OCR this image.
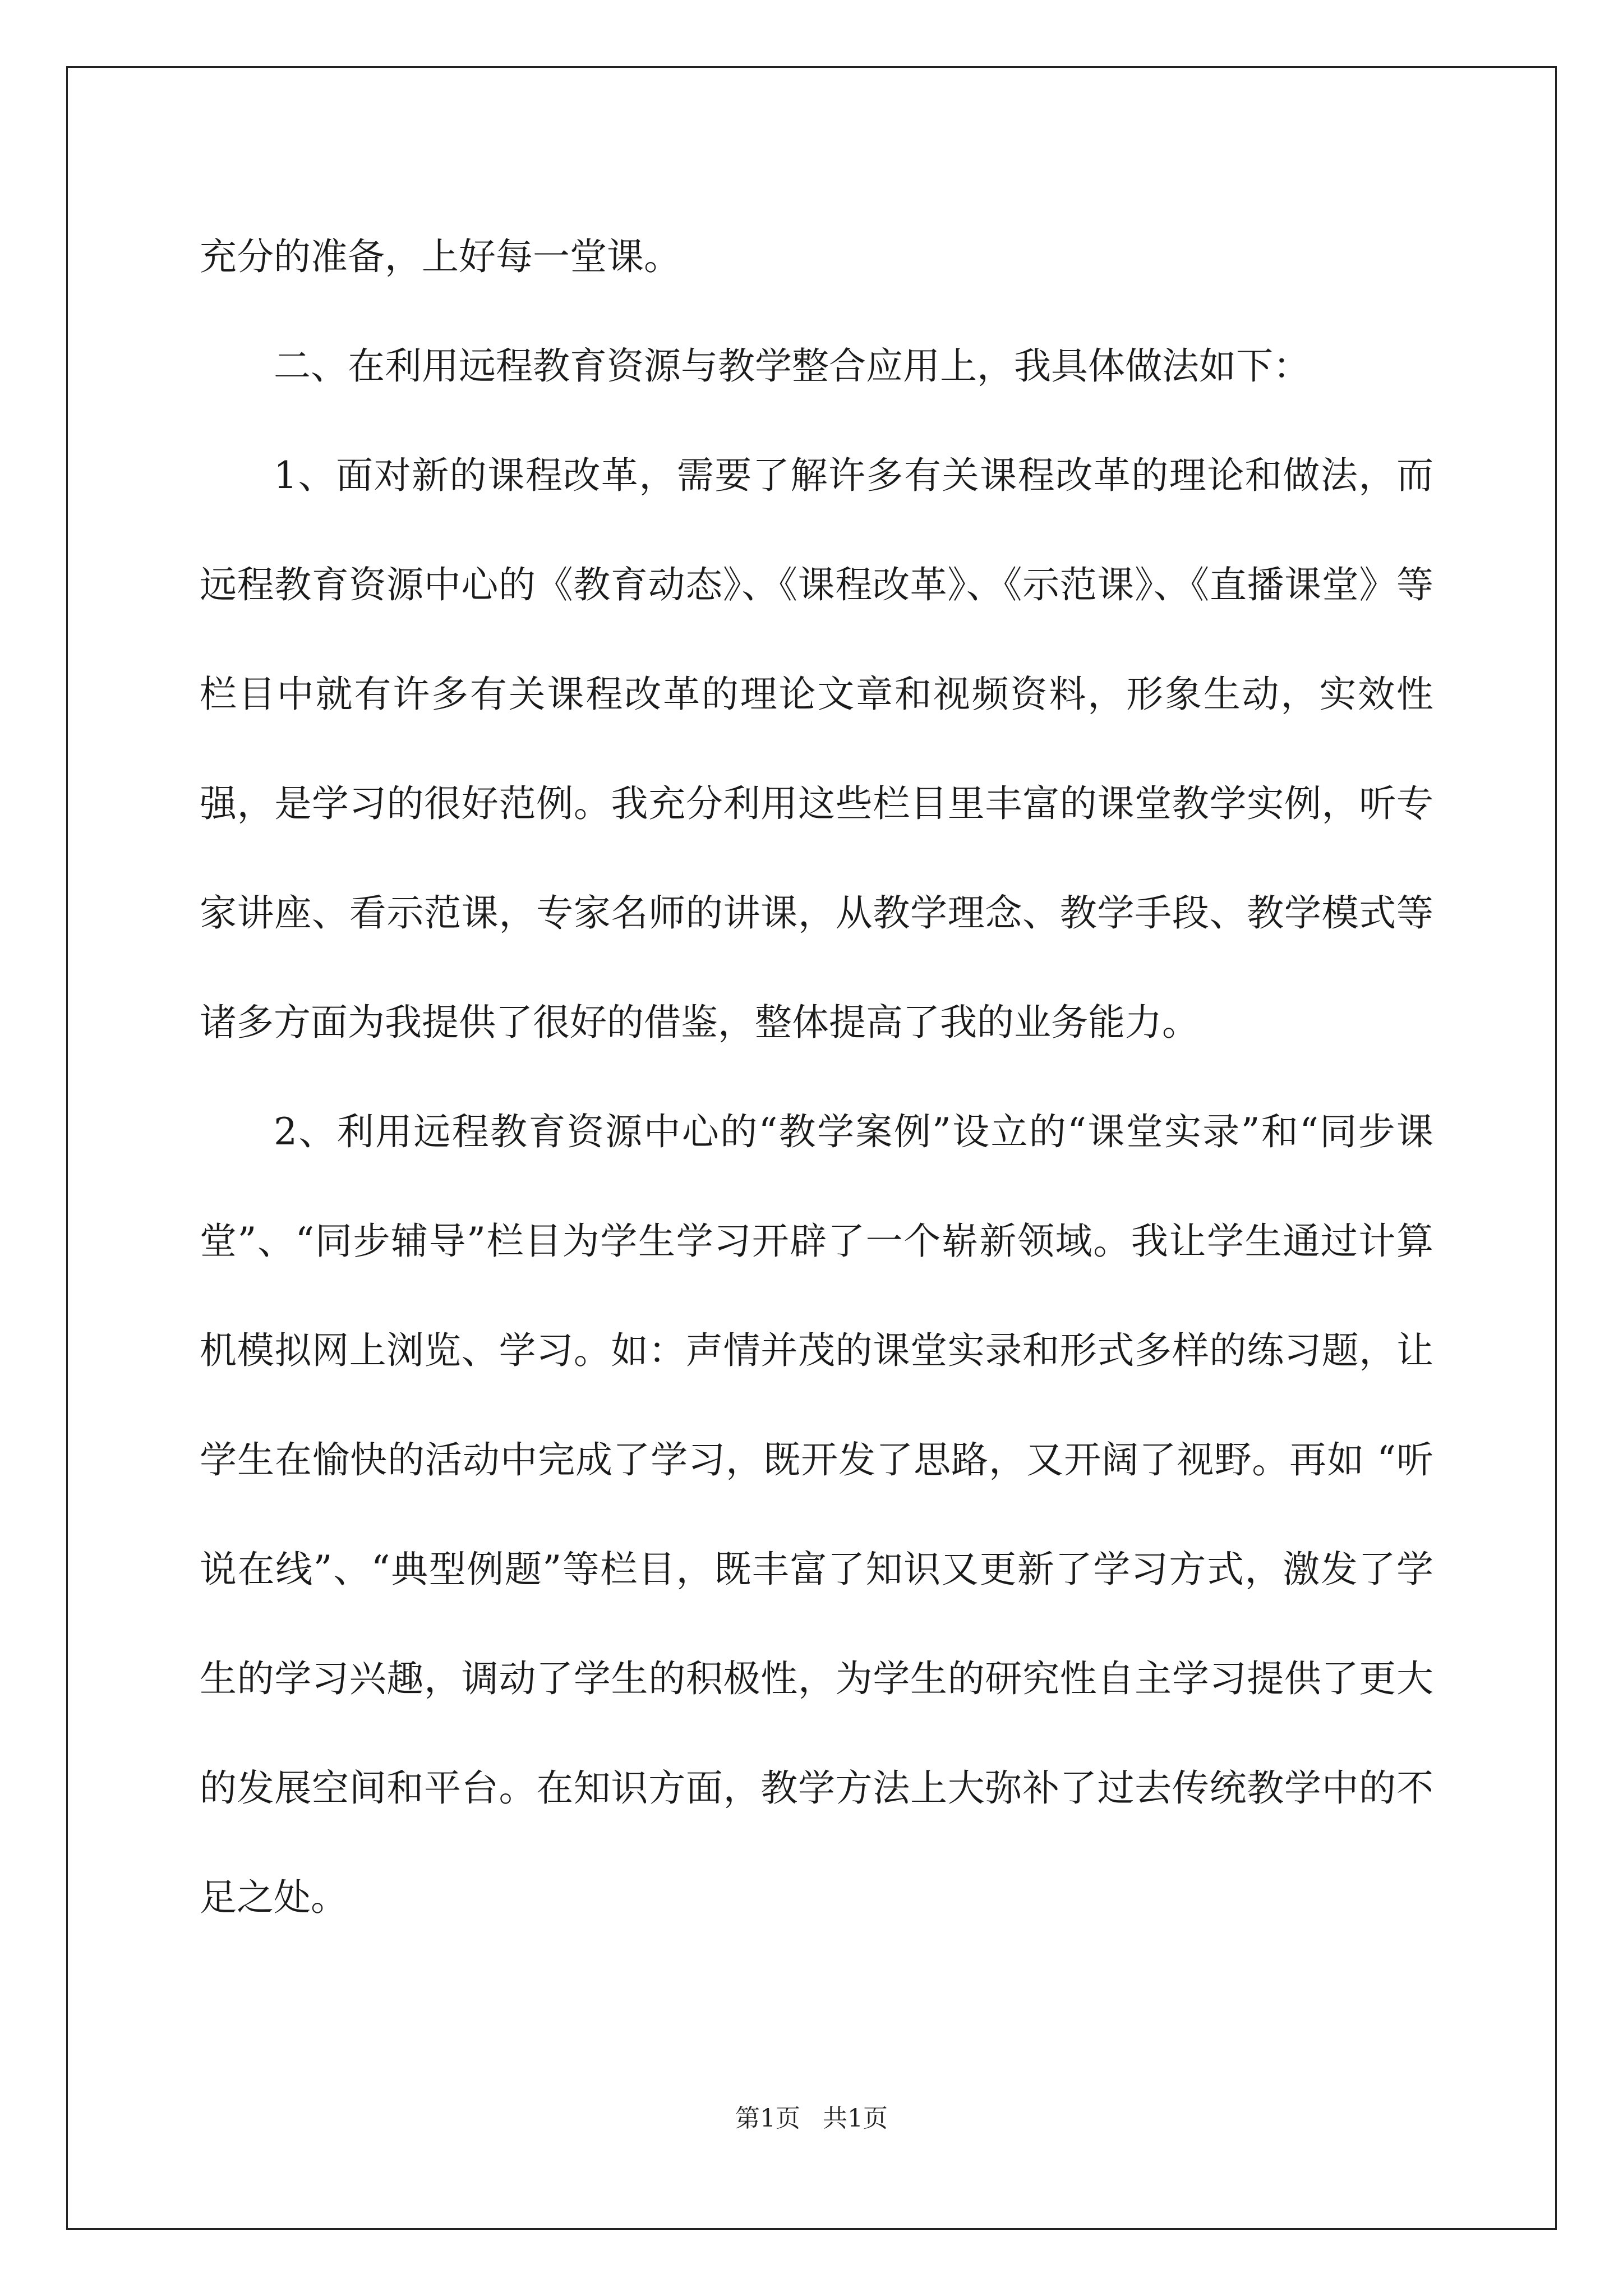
充分的准备，上好每一堂课。

二、在利用远程教育资源与教学整合应用上，我具体做法如下：

1、面对新的课程改革，需要了解许多有关课程改革的理论和做法，而远程教育资源中心的《教育动态》、《课程改革》、《示范课》、《直播课堂》等栏目中就有许多有关课程改革的理论文章和视频资料，形象生动，实效性强，是学习的很好范例。我充分利用这些栏目里丰富的课堂教学实例，听专家讲座、看示范课，专家名师的讲课，从教学理念、教学手段、教学模式等诸多方面为我提供了很好的借鉴，整体提高了我的业务能力。

2、利用远程教育资源中心的“教学案例”设立的“课堂实录”和“同步课堂”、“同步辅导”栏目为学生学习开辟了一个崭新领域。我让学生通过计算机模拟网上浏览、学习。如：声情并茂的课堂实录和形式多样的练习题，让学生在愉快的活动中完成了学习，既开发了思路，又开阔了视野。再如 “听说在线”、“典型例题”等栏目，既丰富了知识又更新了学习方式，激发了学生的学习兴趣，调动了学生的积极性，为学生的研究性自主学习提供了更大的发展空间和平台。在知识方面，教学方法上大弥补了过去传统教学中的不足之处。

第1页 共1页
